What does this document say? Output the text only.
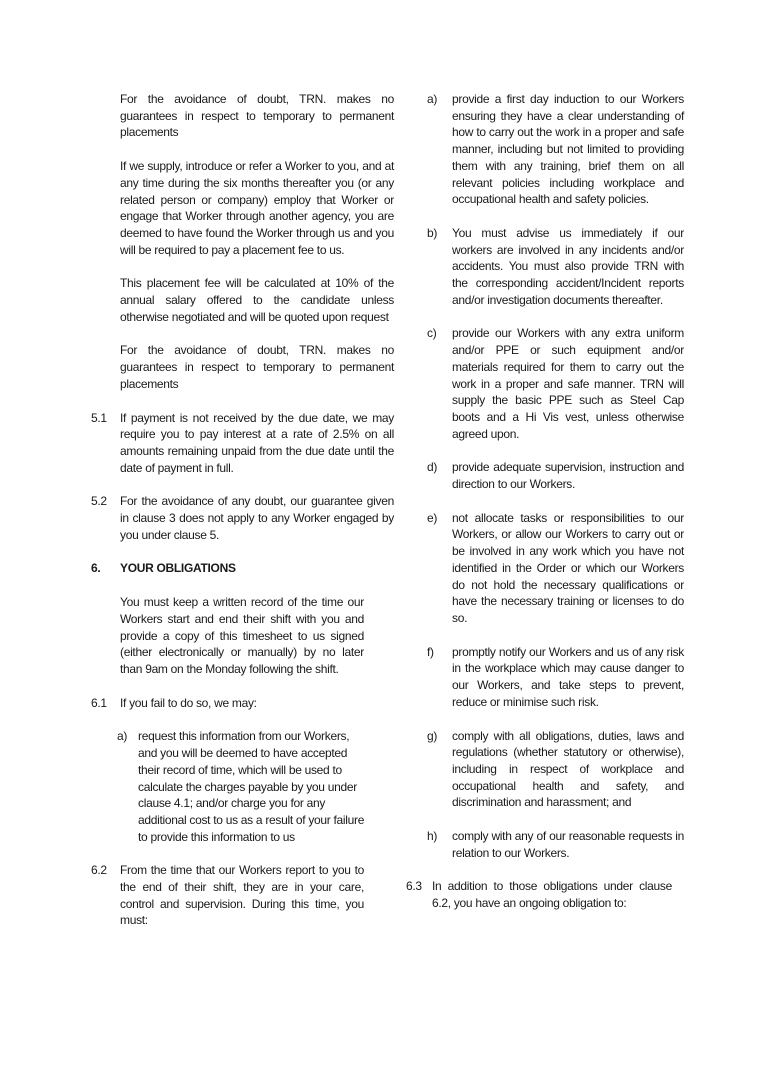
For the avoidance of doubt, TRN. makes no guarantees in respect to temporary to permanent placements
If we supply, introduce or refer a Worker to you, and at any time during the six months thereafter you (or any related person or company) employ that Worker or engage that Worker through another agency, you are deemed to have found the Worker through us and you will be required to pay a placement fee to us.
This placement fee will be calculated at 10% of the annual salary offered to the candidate unless otherwise negotiated and will be quoted upon request
For the avoidance of doubt, TRN. makes no guarantees in respect to temporary to permanent placements
5.1	If payment is not received by the due date, we may require you to pay interest at a rate of 2.5% on all amounts remaining unpaid from the due date until the date of payment in full.
5.2	For the avoidance of any doubt, our guarantee given in clause 3 does not apply to any Worker engaged by you under clause 5.
6.	YOUR OBLIGATIONS
You must keep a written record of the time our Workers start and end their shift with you and provide a copy of this timesheet to us signed (either electronically or manually) by no later than 9am on the Monday following the shift.
6.1	If you fail to do so, we may:
a) request this information from our Workers, and you will be deemed to have accepted their record of time, which will be used to calculate the charges payable by you under clause 4.1; and/or charge you for any additional cost to us as a result of your failure to provide this information to us
6.2	From the time that our Workers report to you to the end of their shift, they are in your care, control and supervision. During this time, you must:
a)	provide a first day induction to our Workers ensuring they have a clear understanding of how to carry out the work in a proper and safe manner, including but not limited to providing them with any training, brief them on all relevant policies including workplace and occupational health and safety policies.
b)	You must advise us immediately if our workers are involved in any incidents and/or accidents. You must also provide TRN with the corresponding accident/Incident reports and/or investigation documents thereafter.
c)	provide our Workers with any extra uniform and/or PPE or such equipment and/or materials required for them to carry out the work in a proper and safe manner. TRN will supply the basic PPE such as Steel Cap boots and a Hi Vis vest, unless otherwise agreed upon.
d)	provide adequate supervision, instruction and direction to our Workers.
e)	not allocate tasks or responsibilities to our Workers, or allow our Workers to carry out or be involved in any work which you have not identified in the Order or which our Workers do not hold the necessary qualifications or have the necessary training or licenses to do so.
f)	promptly notify our Workers and us of any risk in the workplace which may cause danger to our Workers, and take steps to prevent, reduce or minimise such risk.
g)	comply with all obligations, duties, laws and regulations (whether statutory or otherwise), including in respect of workplace and occupational health and safety, and discrimination and harassment; and
h)	comply with any of our reasonable requests in relation to our Workers.
6.3 In addition to those obligations under clause 6.2, you have an ongoing obligation to:
